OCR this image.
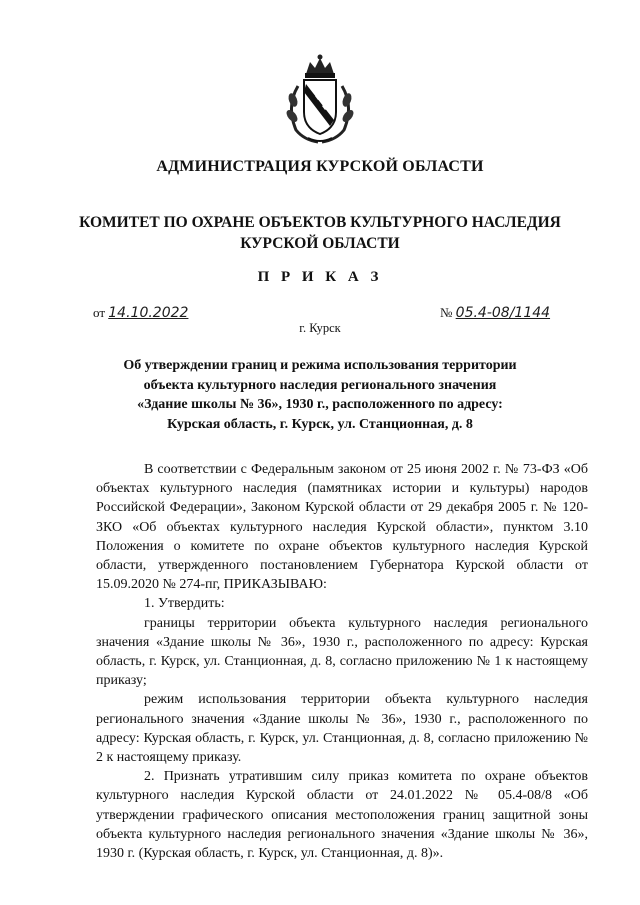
АДМИНИСТРАЦИЯ КУРСКОЙ ОБЛАСТИ
КОМИТЕТ ПО ОХРАНЕ ОБЪЕКТОВ КУЛЬТУРНОГО НАСЛЕДИЯ
КУРСКОЙ ОБЛАСТИ
П Р И К А З
от 14.10.2022	№ 05.4-08/1144
г. Курск
Об утверждении границ и режима использования территории
объекта культурного наследия регионального значения
«Здание школы № 36», 1930 г., расположенного по адресу:
Курская область, г. Курск, ул. Станционная, д. 8

В соответствии с Федеральным законом от 25 июня 2002 г. № 73-ФЗ «Об объектах культурного наследия (памятниках истории и культуры) народов Российской Федерации», Законом Курской области от 29 декабря 2005 г. № 120-ЗКО «Об объектах культурного наследия Курской области», пунктом 3.10 Положения о комитете по охране объектов культурного наследия Курской области, утвержденного постановлением Губернатора Курской области от 15.09.2020 № 274-пг, ПРИКАЗЫВАЮ:

1. Утвердить:

границы территории объекта культурного наследия регионального значения «Здание школы № 36», 1930 г., расположенного по адресу: Курская область, г. Курск, ул. Станционная, д. 8, согласно приложению № 1 к настоящему приказу;

режим использования территории объекта культурного наследия регионального значения «Здание школы № 36», 1930 г., расположенного по адресу: Курская область, г. Курск, ул. Станционная, д. 8, согласно приложению № 2 к настоящему приказу.

2. Признать утратившим силу приказ комитета по охране объектов культурного наследия Курской области от 24.01.2022 № 05.4-08/8 «Об утверждении графического описания местоположения границ защитной зоны объекта культурного наследия регионального значения «Здание школы № 36», 1930 г. (Курская область, г. Курск, ул. Станционная, д. 8)».
